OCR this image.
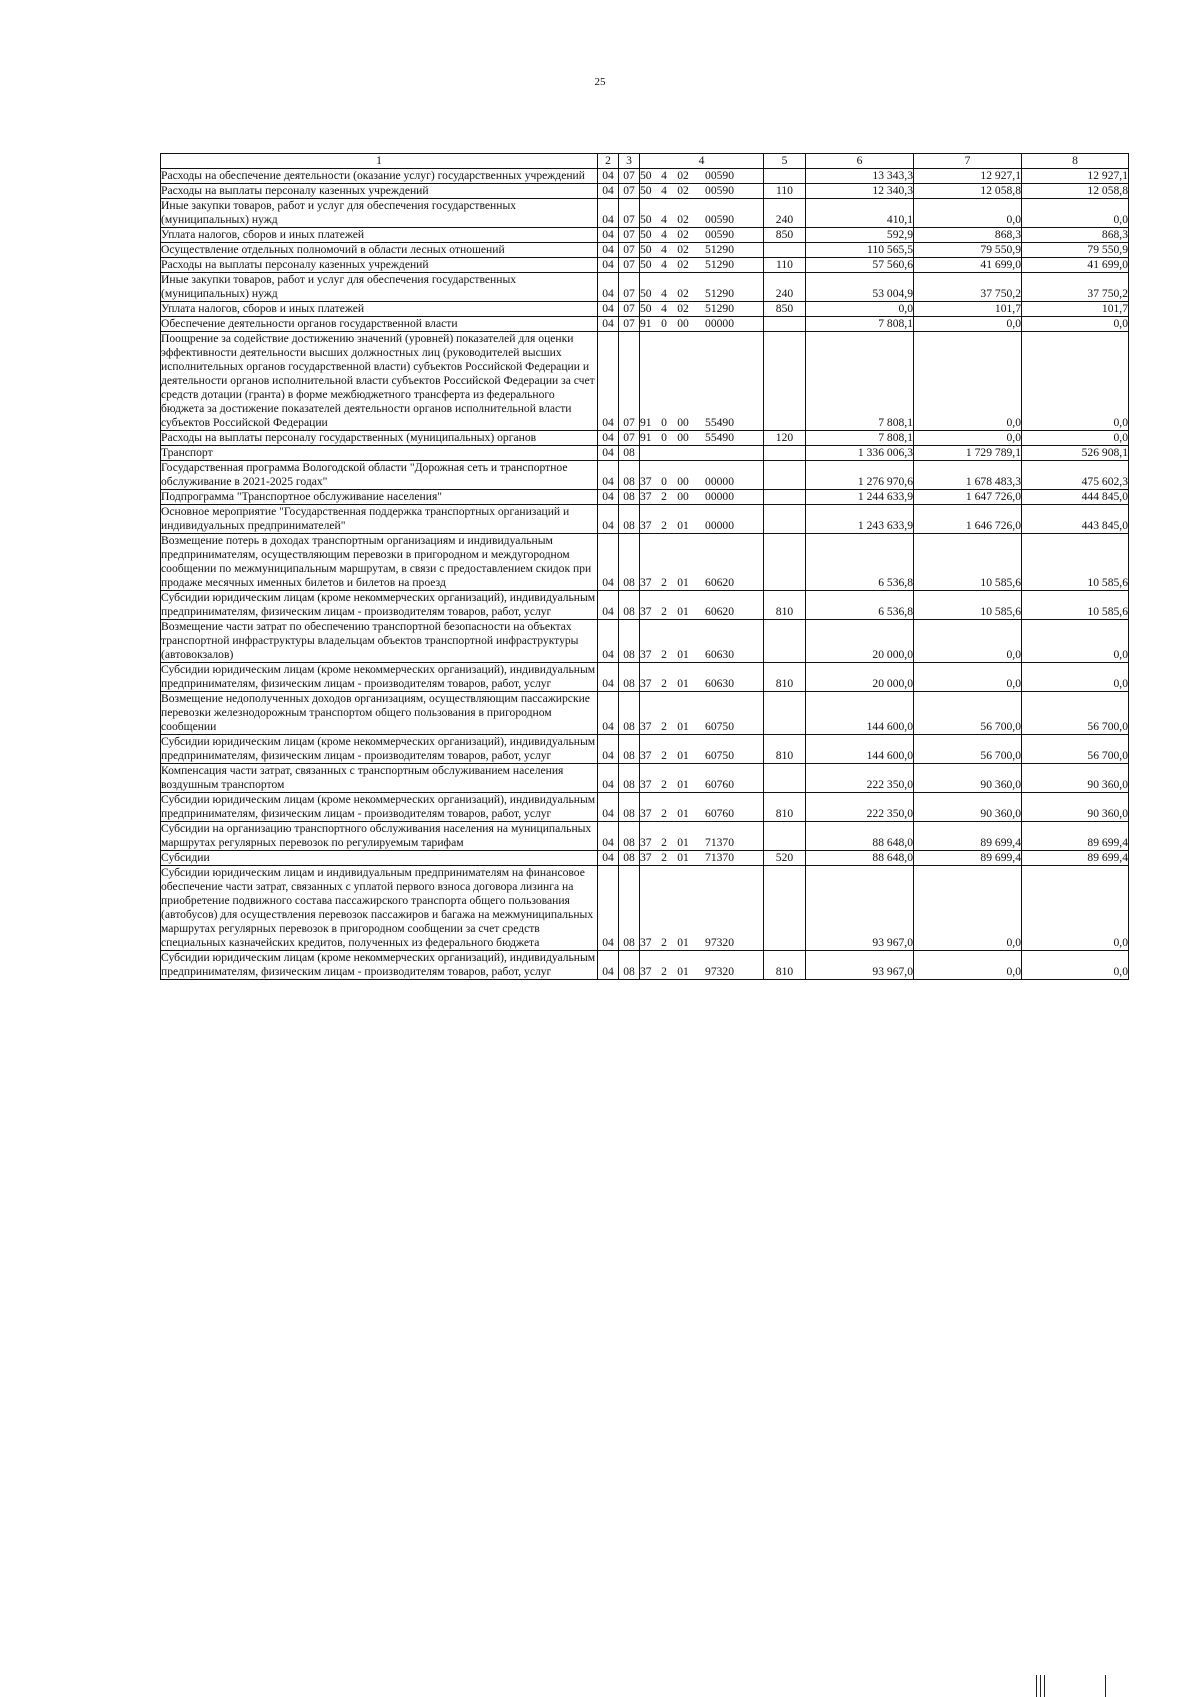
25
1	2	3	4	5	6	7	8
Расходы на обеспечение деятельности (оказание услуг) государственных учреждений	04	07	50 4 02 00590		13 343,3	12 927,1	12 927,1
Расходы на выплаты персоналу казенных учреждений	04	07	50 4 02 00590	110	12 340,3	12 058,8	12 058,8
Иные закупки товаров, работ и услуг для обеспечения государственных (муниципальных) нужд	04	07	50 4 02 00590	240	410,1	0,0	0,0
Уплата налогов, сборов и иных платежей	04	07	50 4 02 00590	850	592,9	868,3	868,3
Осуществление отдельных полномочий в области лесных отношений	04	07	50 4 02 51290		110 565,5	79 550,9	79 550,9
Расходы на выплаты персоналу казенных учреждений	04	07	50 4 02 51290	110	57 560,6	41 699,0	41 699,0
Иные закупки товаров, работ и услуг для обеспечения государственных (муниципальных) нужд	04	07	50 4 02 51290	240	53 004,9	37 750,2	37 750,2
Уплата налогов, сборов и иных платежей	04	07	50 4 02 51290	850	0,0	101,7	101,7
Обеспечение деятельности органов государственной власти	04	07	91 0 00 00000		7 808,1	0,0	0,0
Поощрение за содействие достижению значений (уровней) показателей для оценки эффективности деятельности высших должностных лиц (руководителей высших исполнительных органов государственной власти) субъектов Российской Федерации и деятельности органов исполнительной власти субъектов Российской Федерации за счет средств дотации (гранта) в форме межбюджетного трансферта из федерального бюджета за достижение показателей деятельности органов исполнительной власти субъектов Российской Федерации	04	07	91 0 00 55490		7 808,1	0,0	0,0
Расходы на выплаты персоналу государственных (муниципальных) органов	04	07	91 0 00 55490	120	7 808,1	0,0	0,0
Транспорт	04	08			1 336 006,3	1 729 789,1	526 908,1
Государственная программа Вологодской области "Дорожная сеть и транспортное обслуживание в 2021-2025 годах"	04	08	37 0 00 00000		1 276 970,6	1 678 483,3	475 602,3
Подпрограмма "Транспортное обслуживание населения"	04	08	37 2 00 00000		1 244 633,9	1 647 726,0	444 845,0
Основное мероприятие "Государственная поддержка транспортных организаций и индивидуальных предпринимателей"	04	08	37 2 01 00000		1 243 633,9	1 646 726,0	443 845,0
Возмещение потерь в доходах транспортным организациям и индивидуальным предпринимателям, осуществляющим перевозки в пригородном и междугородном сообщении по межмуниципальным маршрутам, в связи с предоставлением скидок при продаже месячных именных билетов и билетов на проезд	04	08	37 2 01 60620		6 536,8	10 585,6	10 585,6
Субсидии юридическим лицам (кроме некоммерческих организаций), индивидуальным предпринимателям, физическим лицам - производителям товаров, работ, услуг	04	08	37 2 01 60620	810	6 536,8	10 585,6	10 585,6
Возмещение части затрат по обеспечению транспортной безопасности на объектах транспортной инфраструктуры владельцам объектов транспортной инфраструктуры (автовокзалов)	04	08	37 2 01 60630		20 000,0	0,0	0,0
Субсидии юридическим лицам (кроме некоммерческих организаций), индивидуальным предпринимателям, физическим лицам - производителям товаров, работ, услуг	04	08	37 2 01 60630	810	20 000,0	0,0	0,0
Возмещение недополученных доходов организациям, осуществляющим пассажирские перевозки железнодорожным транспортом общего пользования в пригородном сообщении	04	08	37 2 01 60750		144 600,0	56 700,0	56 700,0
Субсидии юридическим лицам (кроме некоммерческих организаций), индивидуальным предпринимателям, физическим лицам - производителям товаров, работ, услуг	04	08	37 2 01 60750	810	144 600,0	56 700,0	56 700,0
Компенсация части затрат, связанных с транспортным обслуживанием населения воздушным транспортом	04	08	37 2 01 60760		222 350,0	90 360,0	90 360,0
Субсидии юридическим лицам (кроме некоммерческих организаций), индивидуальным предпринимателям, физическим лицам - производителям товаров, работ, услуг	04	08	37 2 01 60760	810	222 350,0	90 360,0	90 360,0
Субсидии на организацию транспортного обслуживания населения на муниципальных маршрутах регулярных перевозок по регулируемым тарифам	04	08	37 2 01 71370		88 648,0	89 699,4	89 699,4
Субсидии	04	08	37 2 01 71370	520	88 648,0	89 699,4	89 699,4
Субсидии юридическим лицам и индивидуальным предпринимателям на финансовое обеспечение части затрат, связанных с уплатой первого взноса договора лизинга на приобретение подвижного состава пассажирского транспорта общего пользования (автобусов) для осуществления перевозок пассажиров и багажа на межмуниципальных маршрутах регулярных перевозок в пригородном сообщении за счет средств специальных казначейских кредитов, полученных из федерального бюджета	04	08	37 2 01 97320		93 967,0	0,0	0,0
Субсидии юридическим лицам (кроме некоммерческих организаций), индивидуальным предпринимателям, физическим лицам - производителям товаров, работ, услуг	04	08	37 2 01 97320	810	93 967,0	0,0	0,0
